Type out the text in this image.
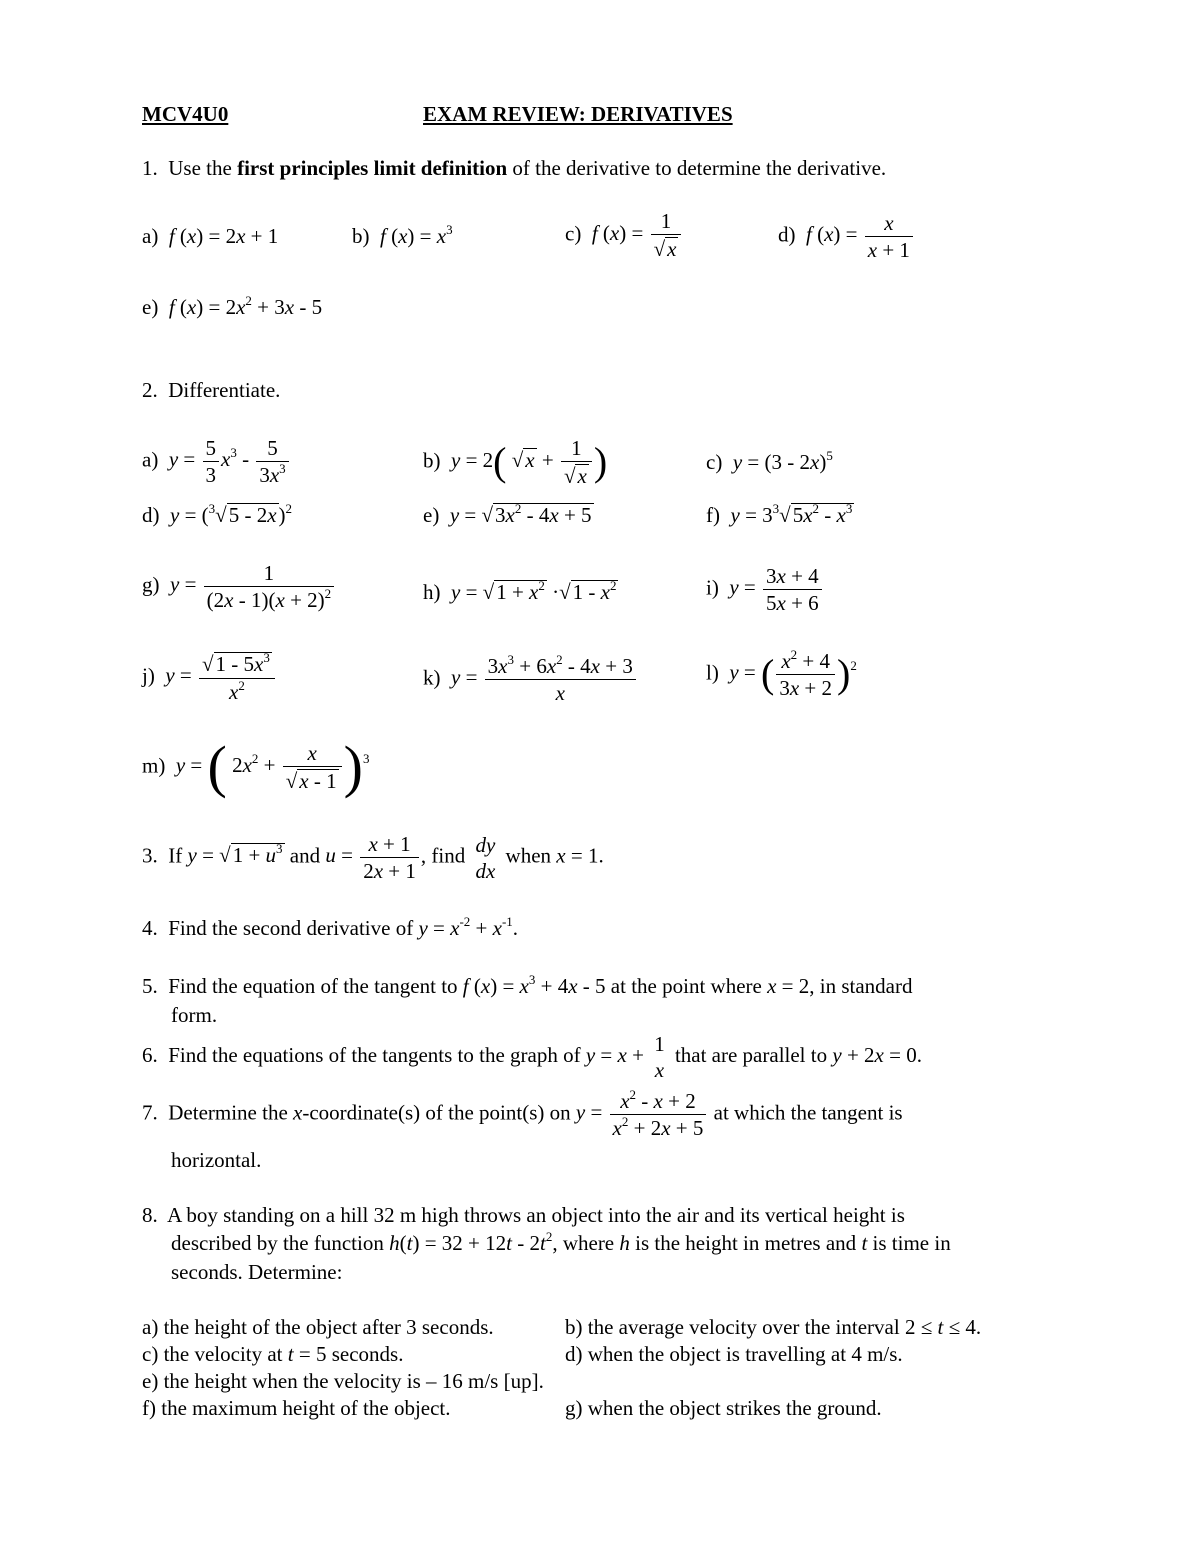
MCV4U0	EXAM REVIEW: DERIVATIVES
1. Use the first principles limit definition of the derivative to determine the derivative.
a) f (x) = 2x + 1	b) f $(x) = x^3$	c) f $(x) = \frac{1}{√x}$	d) f $(x) = \frac{x}{x + 1}$
e) f $(x) = 2x^2 + 3x - 5$
2. Differentiate.
a) $y = \frac{5}{3} x^3 - \frac{5}{3x^3}$	b) y = 2( $√x + \frac{1}{√x}$ )	c) y = (3 - 2x)$^5$
d) y = ($^3$√5 - 2x)$^2$	e) $y = √3x^2 - 4x + 5$	f) $y = 3^3√5x^2 - x^3$
g) $y = \frac{1}{(2x - 1)(x + 2)^2}$	h) $y = √1 + x^2 \cdot√1 - x^2$	i) $y = \frac{3x + 4}{5x + 6}$
j) $y = \frac{√1 - 5x^3}{x^2}$	k) $y = \frac{3x^3 + 6x^2 - 4x + 3}{x}$	l) y = ( $\frac{x^2 + 4}{3x + 2} )^2$
m) y = ( $2x^2 + \frac{x}{√x - 1} )^3$
3. If $y = √1 + u^3$ and $u = \frac{x + 1}{2x + 1}$ , find dy
dx
when x = 1.
4. Find the second derivative of $y = x^{-2} + x^{-1}$.
5. Find the equation of the tangent to f $(x) = x^3 + 4x - 5$ at the point where x = 2, in standard
form.
6. Find the equations of the tangents to the graph of y = x + 1
x
that are parallel to y + 2x = 0.
7. Determine the x-coordinate(s) of the point(s) on $y = \frac{x^2 - x + 2}{x^2 + 2x + 5}$ at which the tangent is
horizontal.
8. A boy standing on a hill 32 m high throws an object into the air and its vertical height is
described by the function $h(t) = 32 + 12t - 2t^2$, where h is the height in metres and t is time in
seconds. Determine:
a) the height of the object after 3 seconds.	b) the average velocity over the interval 2 ≤ t ≤ 4.
c) the velocity at t = 5 seconds.	d) when the object is travelling at 4 m/s.
e) the height when the velocity is – 16 m/s [up].
f) the maximum height of the object.	g) when the object strikes the ground.
